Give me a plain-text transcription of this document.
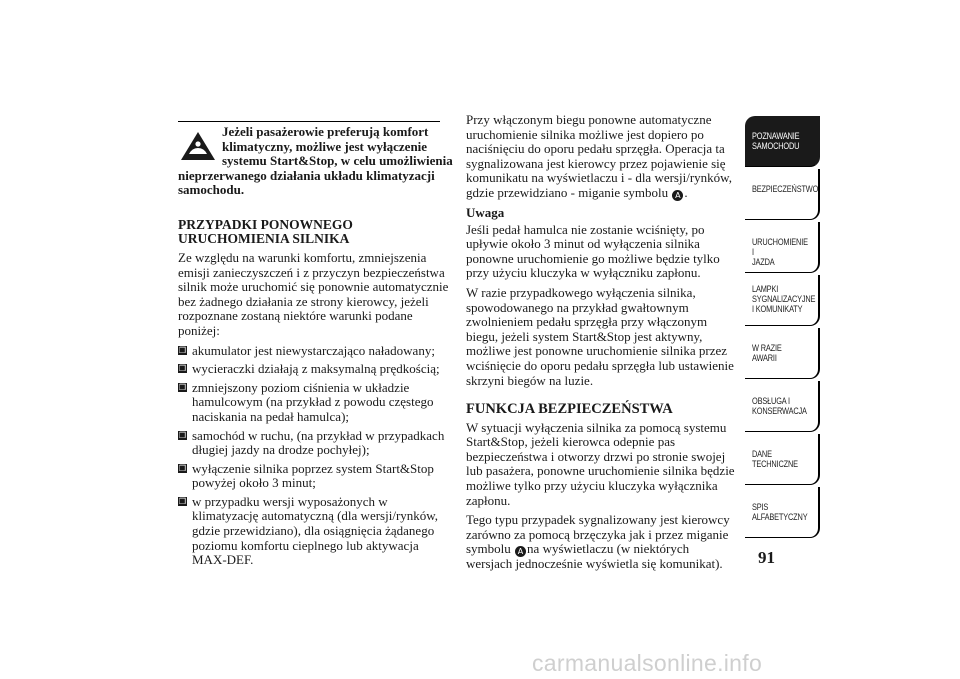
Jeżeli pasażerowie preferują komfort klimatyczny, możliwe jest wyłączenie systemu Start&Stop, w celu umożliwienia nieprzerwanego działania układu klimatyzacji samochodu.

PRZYPADKI PONOWNEGO URUCHOMIENIA SILNIKA

Ze względu na warunki komfortu, zmniejszenia emisji zanieczyszczeń i z przyczyn bezpieczeństwa silnik może uruchomić się ponownie automatycznie bez żadnego działania ze strony kierowcy, jeżeli rozpoznane zostaną niektóre warunki podane poniżej:

❒ akumulator jest niewystarczająco naładowany;
❒ wycieraczki działają z maksymalną prędkością;
❒ zmniejszony poziom ciśnienia w układzie hamulcowym (na przykład z powodu częstego naciskania na pedał hamulca);
❒ samochód w ruchu, (na przykład w przypadkach długiej jazdy na drodze pochyłej);
❒ wyłączenie silnika poprzez system Start&Stop powyżej około 3 minut;
❒ w przypadku wersji wyposażonych w klimatyzację automatyczną (dla wersji/rynków, gdzie przewidziano), dla osiągnięcia żądanego poziomu komfortu cieplnego lub aktywacja MAX-DEF.

Przy włączonym biegu ponowne automatyczne uruchomienie silnika możliwe jest dopiero po naciśnięciu do oporu pedału sprzęgła. Operacja ta sygnalizowana jest kierowcy przez pojawienie się komunikatu na wyświetlaczu i - dla wersji/rynków, gdzie przewidziano - miganie symbolu A .

Uwaga

Jeśli pedał hamulca nie zostanie wciśnięty, po upływie około 3 minut od wyłączenia silnika ponowne uruchomienie go możliwe będzie tylko przy użyciu kluczyka w wyłączniku zapłonu.

W razie przypadkowego wyłączenia silnika, spowodowanego na przykład gwałtownym zwolnieniem pedału sprzęgła przy włączonym biegu, jeżeli system Start&Stop jest aktywny, możliwe jest ponowne uruchomienie silnika przez wciśnięcie do oporu pedału sprzęgła lub ustawienie skrzyni biegów na luzie.

FUNKCJA BEZPIECZEŃSTWA

W sytuacji wyłączenia silnika za pomocą systemu Start&Stop, jeżeli kierowca odepnie pas bezpieczeństwa i otworzy drzwi po stronie swojej lub pasażera, ponowne uruchomienie silnika będzie możliwe tylko przy użyciu kluczyka wyłącznika zapłonu.

Tego typu przypadek sygnalizowany jest kierowcy zarówno za pomocą brzęczyka jak i przez miganie symbolu A na wyświetlaczu (w niektórych wersjach jednocześnie wyświetla się komunikat).

POZNAWANIE
SAMOCHODU
BEZPIECZEŃSTWO
URUCHOMIENIE I
JAZDA
LAMPKI
SYGNALIZACYJNE
I KOMUNIKATY
W RAZIE AWARII
OBSŁUGA I
KONSERWACJA
DANE
TECHNICZNE
SPIS
ALFABETYCZNY
91
carmanualsonline.info
